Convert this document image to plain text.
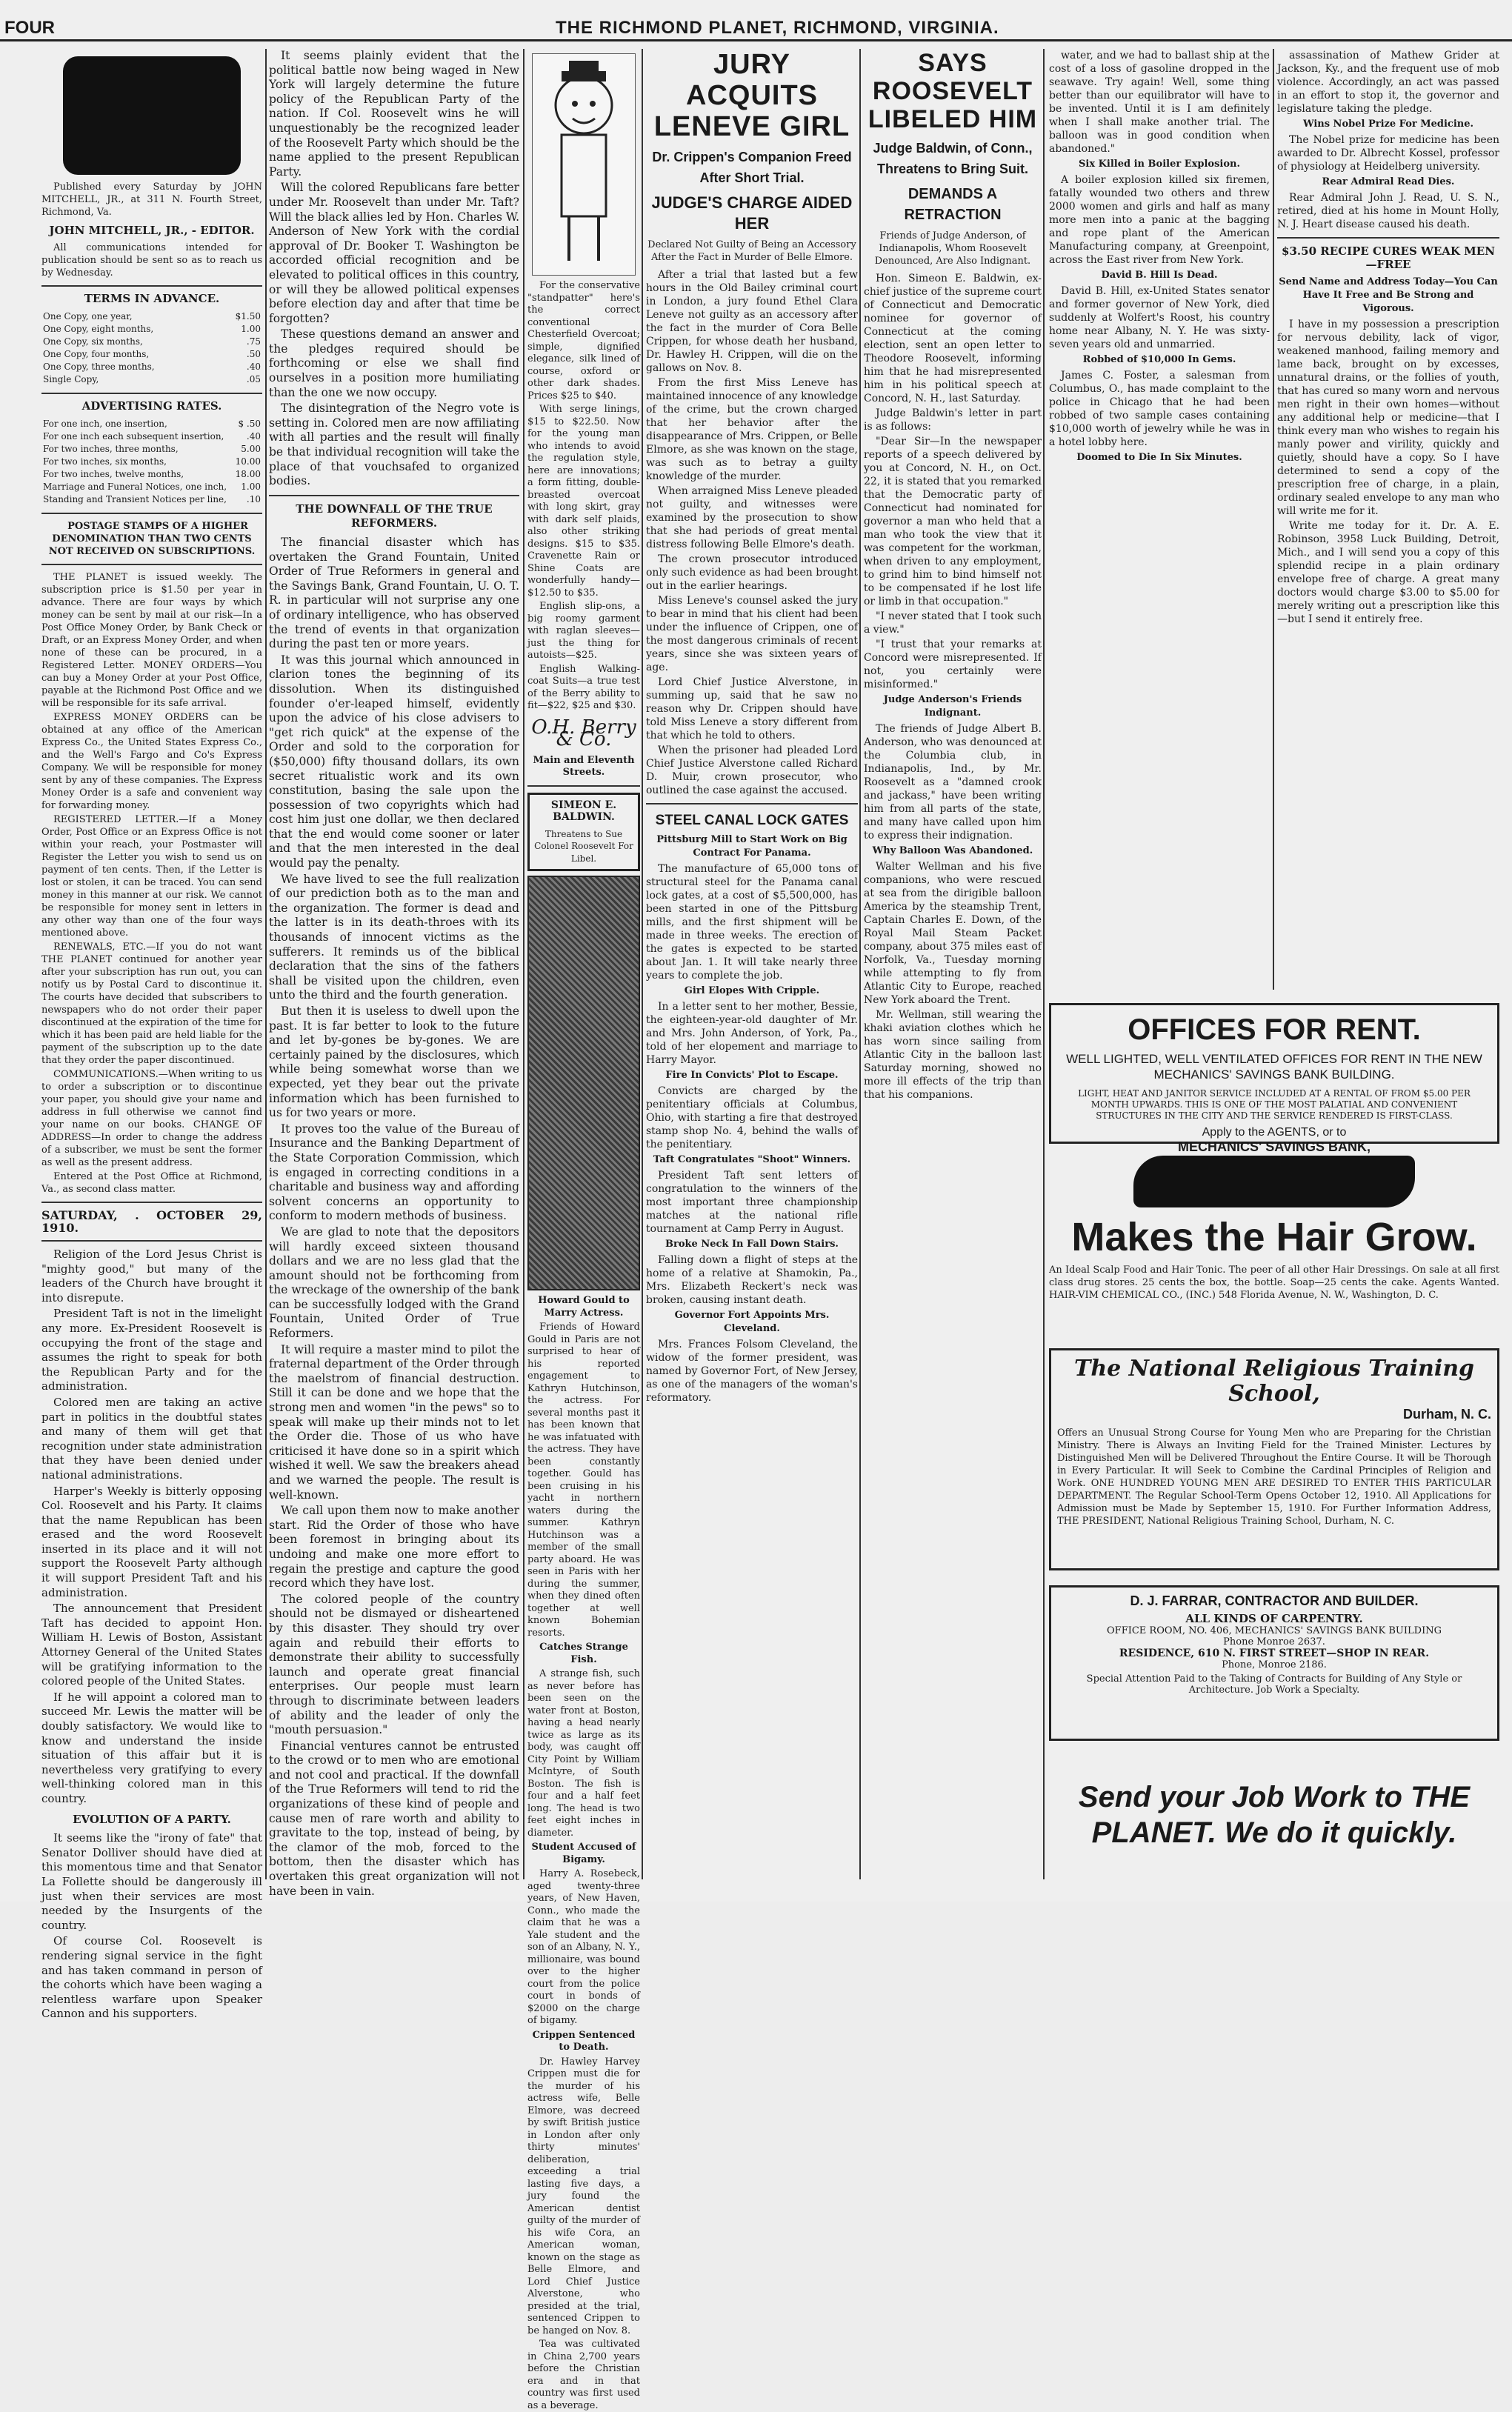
FOUR	THE RICHMOND PLANET, RICHMOND, VIRGINIA.

Published every Saturday by JOHN MITCHELL, JR., at 311 N. Fourth Street, Richmond, Va.

JOHN MITCHELL, JR., - EDITOR.

All communications intended for publication should be sent so as to reach us by Wednesday.

TERMS IN ADVANCE.
One Copy, one year,	$1.50
One Copy, eight months,	1.00
One Copy, six months,	.75
One Copy, four months,	.50
One Copy, three months,	.40
Single Copy,	.05
ADVERTISING RATES.
For one inch, one insertion,	$ .50
For one inch each subsequent insertion,	.40
For two inches, three months,	5.00
For two inches, six months,	10.00
For two inches, twelve months,	18.00
Marriage and Funeral Notices, one inch,	1.00
Standing and Transient Notices per line,	.10

POSTAGE STAMPS OF A HIGHER DENOMINATION THAN TWO CENTS NOT RECEIVED ON SUBSCRIPTIONS.

THE PLANET is issued weekly. The subscription price is $1.50 per year in advance. There are four ways by which money can be sent by mail at our risk—In a Post Office Money Order, by Bank Check or Draft, or an Express Money Order, and when none of these can be procured, in a Registered Letter. MONEY ORDERS—You can buy a Money Order at your Post Office, payable at the Richmond Post Office and we will be responsible for its safe arrival.

EXPRESS MONEY ORDERS can be obtained at any office of the American Express Co., the United States Express Co., and the Well's Fargo and Co's Express Company. We will be responsible for money sent by any of these companies. The Express Money Order is a safe and convenient way for forwarding money.

REGISTERED LETTER.—If a Money Order, Post Office or an Express Office is not within your reach, your Postmaster will Register the Letter you wish to send us on payment of ten cents. Then, if the Letter is lost or stolen, it can be traced. You can send money in this manner at our risk. We cannot be responsible for money sent in letters in any other way than one of the four ways mentioned above.

RENEWALS, ETC.—If you do not want THE PLANET continued for another year after your subscription has run out, you can notify us by Postal Card to discontinue it. The courts have decided that subscribers to newspapers who do not order their paper discontinued at the expiration of the time for which it has been paid are held liable for the payment of the subscription up to the date that they order the paper discontinued.

COMMUNICATIONS.—When writing to us to order a subscription or to discontinue your paper, you should give your name and address in full otherwise we cannot find your name on our books. CHANGE OF ADDRESS—In order to change the address of a subscriber, we must be sent the former as well as the present address.

Entered at the Post Office at Richmond, Va., as second class matter.

SATURDAY, . OCTOBER 29, 1910.

Religion of the Lord Jesus Christ is "mighty good," but many of the leaders of the Church have brought it into disrepute.

President Taft is not in the limelight any more. Ex-President Roosevelt is occupying the front of the stage and assumes the right to speak for both the Republican Party and for the administration.

Colored men are taking an active part in politics in the doubtful states and many of them will get that recognition under state administration that they have been denied under national administrations.

Harper's Weekly is bitterly opposing Col. Roosevelt and his Party. It claims that the name Republican has been erased and the word Roosevelt inserted in its place and it will not support the Roosevelt Party although it will support President Taft and his administration.

The announcement that President Taft has decided to appoint Hon. William H. Lewis of Boston, Assistant Attorney General of the United States will be gratifying information to the colored people of the United States.

If he will appoint a colored man to succeed Mr. Lewis the matter will be doubly satisfactory. We would like to know and understand the inside situation of this affair but it is nevertheless very gratifying to every well-thinking colored man in this country.

EVOLUTION OF A PARTY.

It seems like the "irony of fate" that Senator Dolliver should have died at this momentous time and that Senator La Follette should be dangerously ill just when their services are most needed by the Insurgents of the country.

Of course Col. Roosevelt is rendering signal service in the fight and has taken command in person of the cohorts which have been waging a relentless warfare upon Speaker Cannon and his supporters.

It seems plainly evident that the political battle now being waged in New York will largely determine the future policy of the Republican Party of the nation. If Col. Roosevelt wins he will unquestionably be the recognized leader of the Roosevelt Party which should be the name applied to the present Republican Party.

Will the colored Republicans fare better under Mr. Roosevelt than under Mr. Taft? Will the black allies led by Hon. Charles W. Anderson of New York with the cordial approval of Dr. Booker T. Washington be accorded official recognition and be elevated to political offices in this country, or will they be allowed political expenses before election day and after that time be forgotten?

These questions demand an answer and the pledges required should be forthcoming or else we shall find ourselves in a position more humiliating than the one we now occupy.

The disintegration of the Negro vote is setting in. Colored men are now affiliating with all parties and the result will finally be that individual recognition will take the place of that vouchsafed to organized bodies.

THE DOWNFALL OF THE TRUE REFORMERS.

The financial disaster which has overtaken the Grand Fountain, United Order of True Reformers in general and the Savings Bank, Grand Fountain, U. O. T. R. in particular will not surprise any one of ordinary intelligence, who has observed the trend of events in that organization during the past ten or more years.

It was this journal which announced in clarion tones the beginning of its dissolution. When its distinguished founder o'er-leaped himself, evidently upon the advice of his close advisers to "get rich quick" at the expense of the Order and sold to the corporation for ($50,000) fifty thousand dollars, its own secret ritualistic work and its own constitution, basing the sale upon the possession of two copyrights which had cost him just one dollar, we then declared that the end would come sooner or later and that the men interested in the deal would pay the penalty.

We have lived to see the full realization of our prediction both as to the man and the organization. The former is dead and the latter is in its death-throes with its thousands of innocent victims as the sufferers. It reminds us of the biblical declaration that the sins of the fathers shall be visited upon the children, even unto the third and the fourth generation.

But then it is useless to dwell upon the past. It is far better to look to the future and let by-gones be by-gones. We are certainly pained by the disclosures, which while being somewhat worse than we expected, yet they bear out the private information which has been furnished to us for two years or more.

It proves too the value of the Bureau of Insurance and the Banking Department of the State Corporation Commission, which is engaged in correcting conditions in a charitable and business way and affording solvent concerns an opportunity to conform to modern methods of business.

We are glad to note that the depositors will hardly exceed sixteen thousand dollars and we are no less glad that the amount should not be forthcoming from the wreckage of the ownership of the bank can be successfully lodged with the Grand Fountain, United Order of True Reformers.

It will require a master mind to pilot the fraternal department of the Order through the maelstrom of financial destruction. Still it can be done and we hope that the strong men and women "in the pews" so to speak will make up their minds not to let the Order die. Those of us who have criticised it have done so in a spirit which wished it well. We saw the breakers ahead and we warned the people. The result is well-known.

We call upon them now to make another start. Rid the Order of those who have been foremost in bringing about its undoing and make one more effort to regain the prestige and capture the good record which they have lost.

The colored people of the country should not be dismayed or disheartened by this disaster. They should try over again and rebuild their efforts to demonstrate their ability to successfully launch and operate great financial enterprises. Our people must learn through to discriminate between leaders of ability and the leader of only the "mouth persuasion."

Financial ventures cannot be entrusted to the crowd or to men who are emotional and not cool and practical. If the downfall of the True Reformers will tend to rid the organizations of these kind of people and cause men of rare worth and ability to gravitate to the top, instead of being, by the clamor of the mob, forced to the bottom, then the disaster which has overtaken this great organization will not have been in vain.

For the conservative "standpatter" here's the correct conventional Chesterfield Overcoat; simple, dignified elegance, silk lined of course, oxford or other dark shades. Prices $25 to $40.

With serge linings, $15 to $22.50. Now for the young man who intends to avoid the regulation style, here are innovations; a form fitting, double-breasted overcoat with long skirt, gray with dark self plaids, also other striking designs. $15 to $35. Cravenette Rain or Shine Coats are wonderfully handy—$12.50 to $35.

English slip-ons, a big roomy garment with raglan sleeves—just the thing for autoists—$25.

English Walking-coat Suits—a true test of the Berry ability to fit—$22, $25 and $30.

O.H. Berry & Co.
Main and Eleventh Streets.
SIMEON E. BALDWIN.
Threatens to Sue Colonel Roosevelt For Libel.
Howard Gould to Marry Actress.

Friends of Howard Gould in Paris are not surprised to hear of his reported engagement to Kathryn Hutchinson, the actress. For several months past it has been known that he was infatuated with the actress. They have been constantly together. Gould has been cruising in his yacht in northern waters during the summer. Kathryn Hutchinson was a member of the small party aboard. He was seen in Paris with her during the summer, when they dined often together at well known Bohemian resorts.

Catches Strange Fish.

A strange fish, such as never before has been seen on the water front at Boston, having a head nearly twice as large as its body, was caught off City Point by William McIntyre, of South Boston. The fish is four and a half feet long. The head is two feet eight inches in diameter.

Student Accused of Bigamy.

Harry A. Rosebeck, aged twenty-three years, of New Haven, Conn., who made the claim that he was a Yale student and the son of an Albany, N. Y., millionaire, was bound over to the higher court from the police court in bonds of $2000 on the charge of bigamy.

Crippen Sentenced to Death.

Dr. Hawley Harvey Crippen must die for the murder of his actress wife, Belle Elmore, was decreed by swift British justice in London after only thirty minutes' deliberation, exceeding a trial lasting five days, a jury found the American dentist guilty of the murder of his wife Cora, an American woman, known on the stage as Belle Elmore, and Lord Chief Justice Alverstone, who presided at the trial, sentenced Crippen to be hanged on Nov. 8.

Tea was cultivated in China 2,700 years before the Christian era and in that country was first used as a beverage.

JURY ACQUITS LENEVE GIRL
Dr. Crippen's Companion Freed After Short Trial.
JUDGE'S CHARGE AIDED HER

Declared Not Guilty of Being an Accessory After the Fact in Murder of Belle Elmore.

After a trial that lasted but a few hours in the Old Bailey criminal court in London, a jury found Ethel Clara Leneve not guilty as an accessory after the fact in the murder of Cora Belle Crippen, for whose death her husband, Dr. Hawley H. Crippen, will die on the gallows on Nov. 8.

From the first Miss Leneve has maintained innocence of any knowledge of the crime, but the crown charged that her behavior after the disappearance of Mrs. Crippen, or Belle Elmore, as she was known on the stage, was such as to betray a guilty knowledge of the murder.

When arraigned Miss Leneve pleaded not guilty, and witnesses were examined by the prosecution to show that she had periods of great mental distress following Belle Elmore's death.

The crown prosecutor introduced only such evidence as had been brought out in the earlier hearings.

Miss Leneve's counsel asked the jury to bear in mind that his client had been under the influence of Crippen, one of the most dangerous criminals of recent years, since she was sixteen years of age.

Lord Chief Justice Alverstone, in summing up, said that he saw no reason why Dr. Crippen should have told Miss Leneve a story different from that which he told to others.

When the prisoner had pleaded Lord Chief Justice Alverstone called Richard D. Muir, crown prosecutor, who outlined the case against the accused.

STEEL CANAL LOCK GATES
Pittsburg Mill to Start Work on Big Contract For Panama.

The manufacture of 65,000 tons of structural steel for the Panama canal lock gates, at a cost of $5,500,000, has been started in one of the Pittsburg mills, and the first shipment will be made in three weeks. The erection of the gates is expected to be started about Jan. 1. It will take nearly three years to complete the job.

Girl Elopes With Cripple.

In a letter sent to her mother, Bessie, the eighteen-year-old daughter of Mr. and Mrs. John Anderson, of York, Pa., told of her elopement and marriage to Harry Mayor.

Fire In Convicts' Plot to Escape.

Convicts are charged by the penitentiary officials at Columbus, Ohio, with starting a fire that destroyed stamp shop No. 4, behind the walls of the penitentiary.

Taft Congratulates "Shoot" Winners.

President Taft sent letters of congratulation to the winners of the most important three championship matches at the national rifle tournament at Camp Perry in August.

Broke Neck In Fall Down Stairs.

Falling down a flight of steps at the home of a relative at Shamokin, Pa., Mrs. Elizabeth Reckert's neck was broken, causing instant death.

Governor Fort Appoints Mrs. Cleveland.

Mrs. Frances Folsom Cleveland, the widow of the former president, was named by Governor Fort, of New Jersey, as one of the managers of the woman's reformatory.

SAYS ROOSEVELT LIBELED HIM
Judge Baldwin, of Conn., Threatens to Bring Suit.
DEMANDS A RETRACTION

Friends of Judge Anderson, of Indianapolis, Whom Roosevelt Denounced, Are Also Indignant.

Hon. Simeon E. Baldwin, ex-chief justice of the supreme court of Connecticut and Democratic nominee for governor of Connecticut at the coming election, sent an open letter to Theodore Roosevelt, informing him that he had misrepresented him in his political speech at Concord, N. H., last Saturday.

Judge Baldwin's letter in part is as follows:

"Dear Sir—In the newspaper reports of a speech delivered by you at Concord, N. H., on Oct. 22, it is stated that you remarked that the Democratic party of Connecticut had nominated for governor a man who held that a man who took the view that it was competent for the workman, when driven to any employment, to grind him to bind himself not to be compensated if he lost life or limb in that occupation."

"I never stated that I took such a view."

"I trust that your remarks at Concord were misrepresented. If not, you certainly were misinformed."

Judge Anderson's Friends Indignant.

The friends of Judge Albert B. Anderson, who was denounced at the Columbia club, in Indianapolis, Ind., by Mr. Roosevelt as a "damned crook and jackass," have been writing him from all parts of the state, and many have called upon him to express their indignation.

Why Balloon Was Abandoned.

Walter Wellman and his five companions, who were rescued at sea from the dirigible balloon America by the steamship Trent, Captain Charles E. Down, of the Royal Mail Steam Packet company, about 375 miles east of Norfolk, Va., Tuesday morning while attempting to fly from Atlantic City to Europe, reached New York aboard the Trent.

Mr. Wellman, still wearing the khaki aviation clothes which he has worn since sailing from Atlantic City in the balloon last Saturday morning, showed no more ill effects of the trip than that his companions.

water, and we had to ballast ship at the cost of a loss of gasoline dropped in the seawave. Try again! Well, some thing better than our equilibrator will have to be invented. Until it is I am definitely when I shall make another trial. The balloon was in good condition when abandoned."

Six Killed in Boiler Explosion.

A boiler explosion killed six firemen, fatally wounded two others and threw 2000 women and girls and half as many more men into a panic at the bagging and rope plant of the American Manufacturing company, at Greenpoint, across the East river from New York.

David B. Hill Is Dead.

David B. Hill, ex-United States senator and former governor of New York, died suddenly at Wolfert's Roost, his country home near Albany, N. Y. He was sixty-seven years old and unmarried.

Robbed of $10,000 In Gems.

James C. Foster, a salesman from Columbus, O., has made complaint to the police in Chicago that he had been robbed of two sample cases containing $10,000 worth of jewelry while he was in a hotel lobby here.

Doomed to Die In Six Minutes.

assassination of Mathew Grider at Jackson, Ky., and the frequent use of mob violence. Accordingly, an act was passed in an effort to stop it, the governor and legislature taking the pledge.

Wins Nobel Prize For Medicine.

The Nobel prize for medicine has been awarded to Dr. Albrecht Kossel, professor of physiology at Heidelberg university.

Rear Admiral Read Dies.

Rear Admiral John J. Read, U. S. N., retired, died at his home in Mount Holly, N. J. Heart disease caused his death.

$3.50 RECIPE CURES WEAK MEN—FREE
Send Name and Address Today—You Can Have It Free and Be Strong and Vigorous.

I have in my possession a prescription for nervous debility, lack of vigor, weakened manhood, failing memory and lame back, brought on by excesses, unnatural drains, or the follies of youth, that has cured so many worn and nervous men right in their own homes—without any additional help or medicine—that I think every man who wishes to regain his manly power and virility, quickly and quietly, should have a copy. So I have determined to send a copy of the prescription free of charge, in a plain, ordinary sealed envelope to any man who will write me for it.

Write me today for it. Dr. A. E. Robinson, 3958 Luck Building, Detroit, Mich., and I will send you a copy of this splendid recipe in a plain ordinary envelope free of charge. A great many doctors would charge $3.00 to $5.00 for merely writing out a prescription like this—but I send it entirely free.

OFFICES FOR RENT.
WELL LIGHTED, WELL VENTILATED OFFICES FOR RENT IN THE NEW MECHANICS' SAVINGS BANK BUILDING.
LIGHT, HEAT AND JANITOR SERVICE INCLUDED AT A RENTAL OF FROM $5.00 PER MONTH UPWARDS. THIS IS ONE OF THE MOST PALATIAL AND CONVENIENT STRUCTURES IN THE CITY AND THE SERVICE RENDERED IS FIRST-CLASS.
Apply to the AGENTS, or to
MECHANICS' SAVINGS BANK,
Makes the Hair Grow.
An Ideal Scalp Food and Hair Tonic. The peer of all other Hair Dressings. On sale at all first class drug stores. 25 cents the box, the bottle. Soap—25 cents the cake. Agents Wanted. HAIR-VIM CHEMICAL CO., (INC.) 548 Florida Avenue, N. W., Washington, D. C.
The National Religious Training School,
Durham, N. C.
Offers an Unusual Strong Course for Young Men who are Preparing for the Christian Ministry. There is Always an Inviting Field for the Trained Minister. Lectures by Distinguished Men will be Delivered Throughout the Entire Course. It will be Thorough in Every Particular. It will Seek to Combine the Cardinal Principles of Religion and Work. ONE HUNDRED YOUNG MEN ARE DESIRED TO ENTER THIS PARTICULAR DEPARTMENT. The Regular School-Term Opens October 12, 1910. All Applications for Admission must be Made by September 15, 1910. For Further Information Address, THE PRESIDENT, National Religious Training School, Durham, N. C.
D. J. FARRAR, CONTRACTOR AND BUILDER.
ALL KINDS OF CARPENTRY.
OFFICE ROOM, NO. 406, MECHANICS' SAVINGS BANK BUILDING
Phone Monroe 2637.
RESIDENCE, 610 N. FIRST STREET—SHOP IN REAR.
Phone, Monroe 2186.
Special Attention Paid to the Taking of Contracts for Building of Any Style or Architecture. Job Work a Specialty.
Send your Job Work to THE PLANET. We do it quickly.
